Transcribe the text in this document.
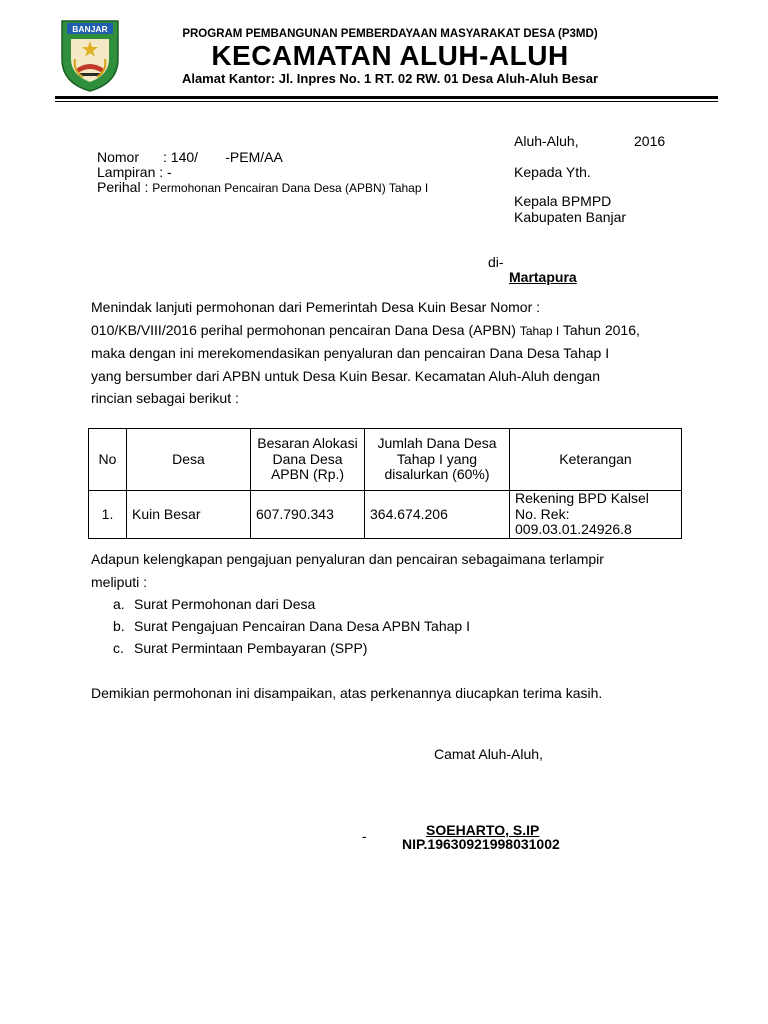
BANJAR	PROGRAM PEMBANGUNAN PEMBERDAYAAN MASYARAKAT DESA (P3MD)
KECAMATAN ALUH-ALUH
Alamat Kantor: Jl. Inpres No. 1 RT. 02 RW. 01 Desa Aluh-Aluh Besar
Aluh-Aluh,	2016
Nomor : 140/       -PEM/AA
Lampiran : -
Perihal : Permohonan Pencairan Dana Desa (APBN) Tahap I
Kepada Yth.
Kepala BPMPD
Kabupaten Banjar
di-
Martapura
Menindak lanjuti permohonan dari Pemerintah Desa Kuin Besar Nomor :
010/KB/VIII/2016 perihal permohonan pencairan Dana Desa (APBN) Tahap I Tahun 2016,
maka dengan ini merekomendasikan penyaluran dan pencairan Dana Desa Tahap I
yang bersumber dari APBN untuk Desa Kuin Besar. Kecamatan Aluh-Aluh dengan
rincian sebagai berikut :
No	Desa	Besaran Alokasi Dana Desa APBN (Rp.)	Jumlah Dana Desa Tahap I yang disalurkan (60%)	Keterangan
1.	Kuin Besar	607.790.343	364.674.206	Rekening BPD Kalsel
No. Rek:
009.03.01.24926.8
Adapun kelengkapan pengajuan penyaluran dan pencairan sebagaimana terlampir
meliputi :
a. Surat Permohonan dari Desa
b. Surat Pengajuan Pencairan Dana Desa APBN Tahap I
c. Surat Permintaan Pembayaran (SPP)
Demikian permohonan ini disampaikan, atas perkenannya diucapkan terima kasih.
Camat Aluh-Aluh,
-	SOEHARTO, S.IP
NIP.19630921998031002
